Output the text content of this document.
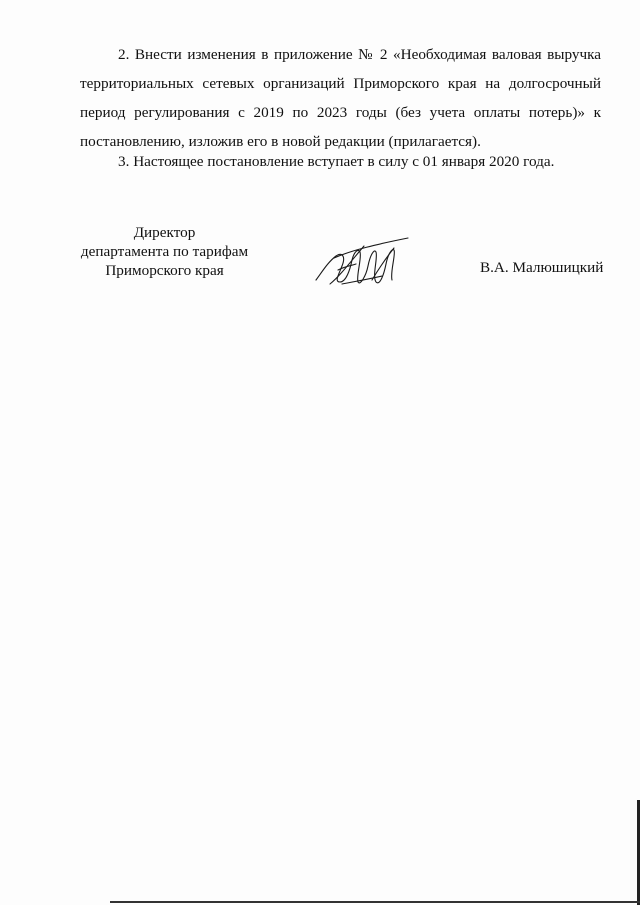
2. Внести изменения в приложение № 2 «Необходимая валовая выручка территориальных сетевых организаций Приморского края на долгосрочный период регулирования с 2019 по 2023 годы (без учета оплаты потерь)» к постановлению, изложив его в новой редакции (прилагается).

3. Настоящее постановление вступает в силу с 01 января 2020 года.

Директор
департамента по тарифам
Приморского края	В.А. Малюшицкий
